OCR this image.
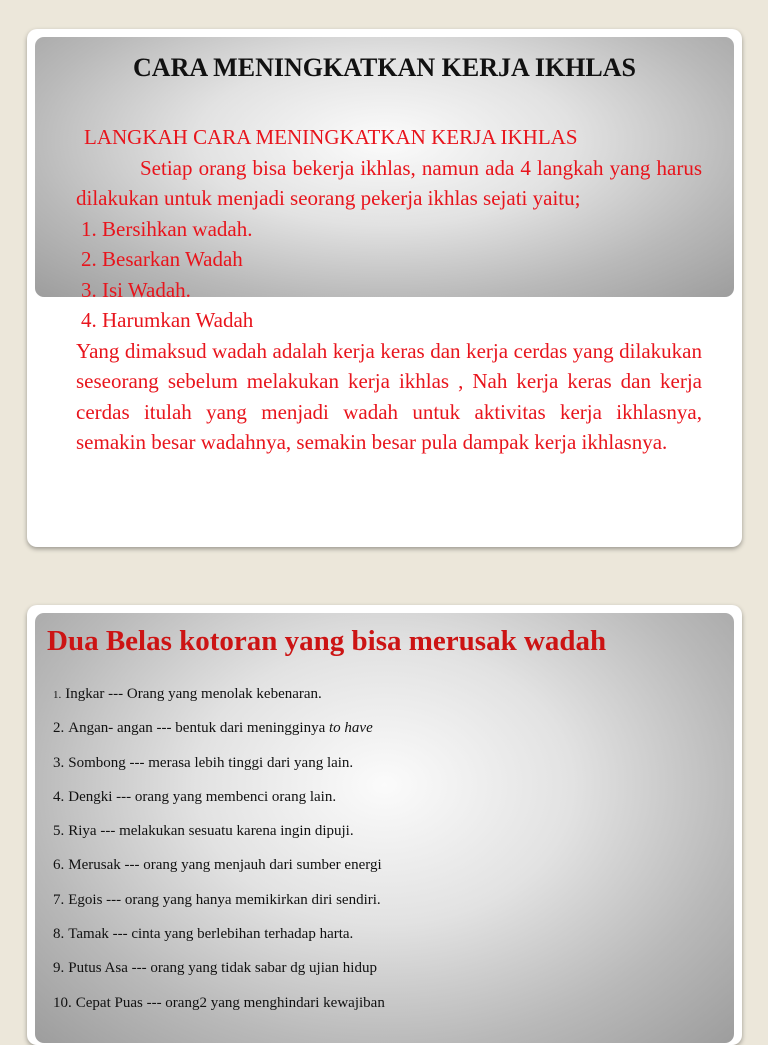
CARA MENINGKATKAN KERJA IKHLAS

LANGKAH CARA MENINGKATKAN KERJA IKHLAS

Setiap orang bisa bekerja ikhlas, namun ada 4 langkah yang harus dilakukan untuk menjadi seorang pekerja ikhlas sejati yaitu;

1. Bersihkan wadah.

2. Besarkan Wadah

3. Isi Wadah.

4. Harumkan Wadah

Yang dimaksud wadah adalah kerja keras dan kerja cerdas yang dilakukan seseorang sebelum melakukan kerja ikhlas , Nah kerja keras dan kerja cerdas itulah yang menjadi wadah untuk aktivitas kerja ikhlasnya, semakin besar wadahnya, semakin besar pula dampak kerja ikhlasnya.

Dua Belas kotoran yang bisa merusak wadah
1. Ingkar --- Orang yang menolak kebenaran.
2. Angan- angan --- bentuk dari meningginya to have
3. Sombong --- merasa lebih tinggi dari yang lain.
4. Dengki --- orang yang membenci orang lain.
5. Riya --- melakukan sesuatu karena ingin dipuji.
6. Merusak --- orang yang menjauh dari sumber energi
7. Egois --- orang yang hanya memikirkan diri sendiri.
8. Tamak --- cinta yang berlebihan terhadap harta.
9. Putus Asa --- orang yang tidak sabar dg ujian hidup
10. Cepat Puas --- orang2 yang menghindari kewajiban
